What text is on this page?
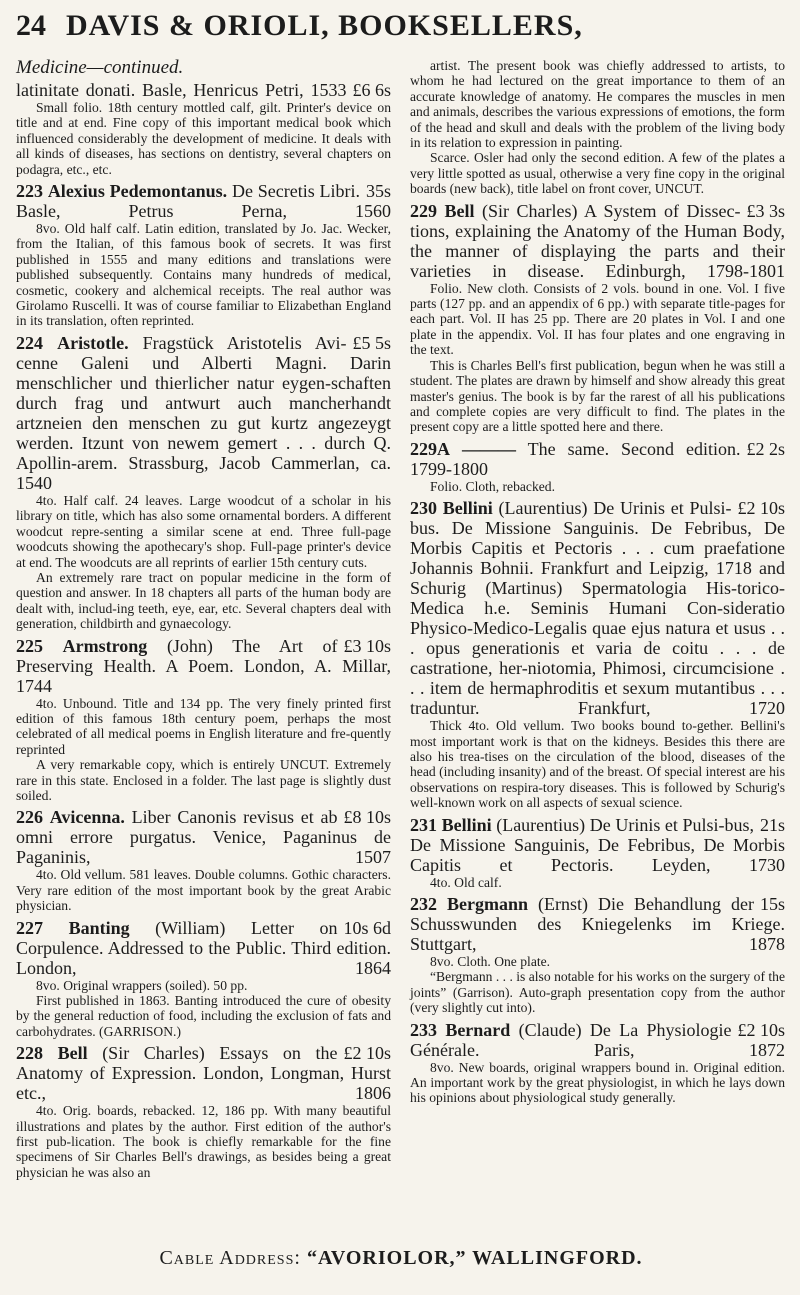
24 DAVIS & ORIOLI, BOOKSELLERS,

Medicine—continued.

£6 6s
latinitate donati. Basle, Henricus Petri, 1533

Small folio. 18th century mottled calf, gilt. Printer's device on title and at end. Fine copy of this important medical book which influenced considerably the development of medicine. It deals with all kinds of diseases, has sections on dentistry, several chapters on podagra, etc., etc.

35s
223 Alexius Pedemontanus. De Secretis Libri. Basle, Petrus Perna, 1560

8vo. Old half calf. Latin edition, translated by Jo. Jac. Wecker, from the Italian, of this famous book of secrets. It was first published in 1555 and many editions and translations were published subsequently. Contains many hundreds of medical, cosmetic, cookery and alchemical receipts. The real author was Girolamo Ruscelli. It was of course familiar to Elizabethan England in its translation, often reprinted.

£5 5s
224 Aristotle. Fragstück Aristotelis Avi-cenne Galeni und Alberti Magni. Darin menschlicher und thierlicher natur eygen-schaften durch frag und antwurt auch mancherhandt artzneien den menschen zu gut kurtz angezeygt werden. Itzunt von newem gemert . . . durch Q. Apollin-arem. Strassburg, Jacob Cammerlan, ca. 1540

4to. Half calf. 24 leaves. Large woodcut of a scholar in his library on title, which has also some ornamental borders. A different woodcut repre-senting a similar scene at end. Three full-page woodcuts showing the apothecary's shop. Full-page printer's device at end. The woodcuts are all reprints of earlier 15th century cuts.

An extremely rare tract on popular medicine in the form of question and answer. In 18 chapters all parts of the human body are dealt with, includ-ing teeth, eye, ear, etc. Several chapters deal with generation, childbirth and gynaecology.

£3 10s
225 Armstrong (John) The Art of Preserving Health. A Poem. London, A. Millar, 1744

4to. Unbound. Title and 134 pp. The very finely printed first edition of this famous 18th century poem, perhaps the most celebrated of all medical poems in English literature and fre-quently reprinted

A very remarkable copy, which is entirely UNCUT. Extremely rare in this state. Enclosed in a folder. The last page is slightly dust soiled.

£8 10s
226 Avicenna. Liber Canonis revisus et ab omni errore purgatus. Venice, Paganinus de Paganinis, 1507

4to. Old vellum. 581 leaves. Double columns. Gothic characters. Very rare edition of the most important book by the great Arabic physician.

10s 6d
227 Banting (William) Letter on Corpulence. Addressed to the Public. Third edition. London, 1864

8vo. Original wrappers (soiled). 50 pp.

First published in 1863. Banting introduced the cure of obesity by the general reduction of food, including the exclusion of fats and carbohydrates. (GARRISON.)

£2 10s
228 Bell (Sir Charles) Essays on the Anatomy of Expression. London, Longman, Hurst etc., 1806

4to. Orig. boards, rebacked. 12, 186 pp. With many beautiful illustrations and plates by the author. First edition of the author's first pub-lication. The book is chiefly remarkable for the fine specimens of Sir Charles Bell's drawings, as besides being a great physician he was also an

artist. The present book was chiefly addressed to artists, to whom he had lectured on the great importance to them of an accurate knowledge of anatomy. He compares the muscles in men and animals, describes the various expressions of emotions, the form of the head and skull and deals with the problem of the living body in its relation to expression in painting.

Scarce. Osler had only the second edition. A few of the plates a very little spotted as usual, otherwise a very fine copy in the original boards (new back), title label on front cover, UNCUT.

£3 3s
229 Bell (Sir Charles) A System of Dissec-tions, explaining the Anatomy of the Human Body, the manner of displaying the parts and their varieties in disease. Edinburgh, 1798-1801

Folio. New cloth. Consists of 2 vols. bound in one. Vol. I five parts (127 pp. and an appendix of 6 pp.) with separate title-pages for each part. Vol. II has 25 pp. There are 20 plates in Vol. I and one plate in the appendix. Vol. II has four plates and one engraving in the text.

This is Charles Bell's first publication, begun when he was still a student. The plates are drawn by himself and show already this great master's genius. The book is by far the rarest of all his publications and complete copies are very difficult to find. The plates in the present copy are a little spotted here and there.

£2 2s
229A ——— The same. Second edition. 1799-1800

Folio. Cloth, rebacked.

£2 10s
230 Bellini (Laurentius) De Urinis et Pulsi-bus. De Missione Sanguinis. De Febribus, De Morbis Capitis et Pectoris . . . cum praefatione Johannis Bohnii. Frankfurt and Leipzig, 1718 and Schurig (Martinus) Spermatologia His-torico-Medica h.e. Seminis Humani Con-sideratio Physico-Medico-Legalis quae ejus natura et usus . . . opus generationis et varia de coitu . . . de castratione, her-niotomia, Phimosi, circumcisione . . . item de hermaphroditis et sexum mutantibus . . . traduntur. Frankfurt, 1720

Thick 4to. Old vellum. Two books bound to-gether. Bellini's most important work is that on the kidneys. Besides this there are also his trea-tises on the circulation of the blood, diseases of the head (including insanity) and of the breast. Of special interest are his observations on respira-tory diseases. This is followed by Schurig's well-known work on all aspects of sexual science.

21s
231 Bellini (Laurentius) De Urinis et Pulsi-bus, De Missione Sanguinis, De Febribus, De Morbis Capitis et Pectoris. Leyden, 1730

4to. Old calf.

15s
232 Bergmann (Ernst) Die Behandlung der Schusswunden des Kniegelenks im Kriege. Stuttgart, 1878

8vo. Cloth. One plate.

“Bergmann . . . is also notable for his works on the surgery of the joints” (Garrison). Auto-graph presentation copy from the author (very slightly cut into).

£2 10s
233 Bernard (Claude) De La Physiologie Générale. Paris, 1872

8vo. New boards, original wrappers bound in. Original edition. An important work by the great physiologist, in which he lays down his opinions about physiological study generally.

Cable Address: “AVORIOLOR,” WALLINGFORD.
